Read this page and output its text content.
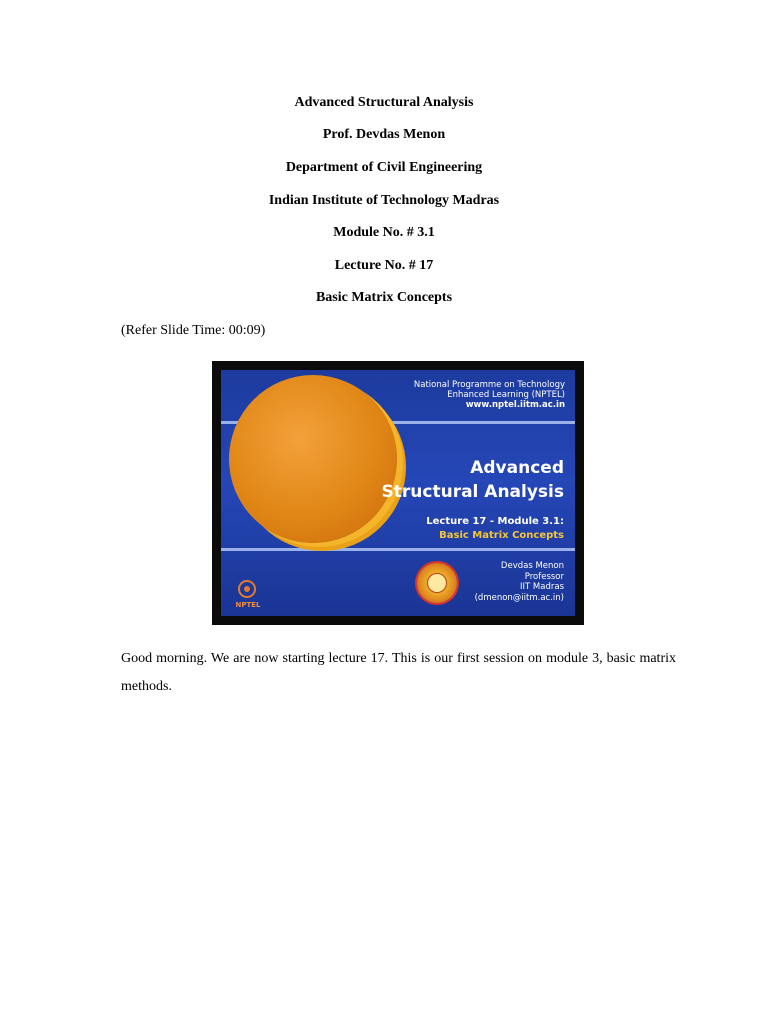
Advanced Structural Analysis
Prof. Devdas Menon
Department of Civil Engineering
Indian Institute of Technology Madras
Module No. # 3.1
Lecture No. # 17
Basic Matrix Concepts
(Refer Slide Time: 00:09)
National Programme on Technology
Enhanced Learning (NPTEL)
www.nptel.iitm.ac.in
Advanced
Structural Analysis
Lecture 17 - Module 3.1:
Basic Matrix Concepts
Devdas Menon
Professor
IIT Madras
(dmenon@iitm.ac.in)
NPTEL
Good morning. We are now starting lecture 17. This is our first session on module 3, basic matrix methods.
